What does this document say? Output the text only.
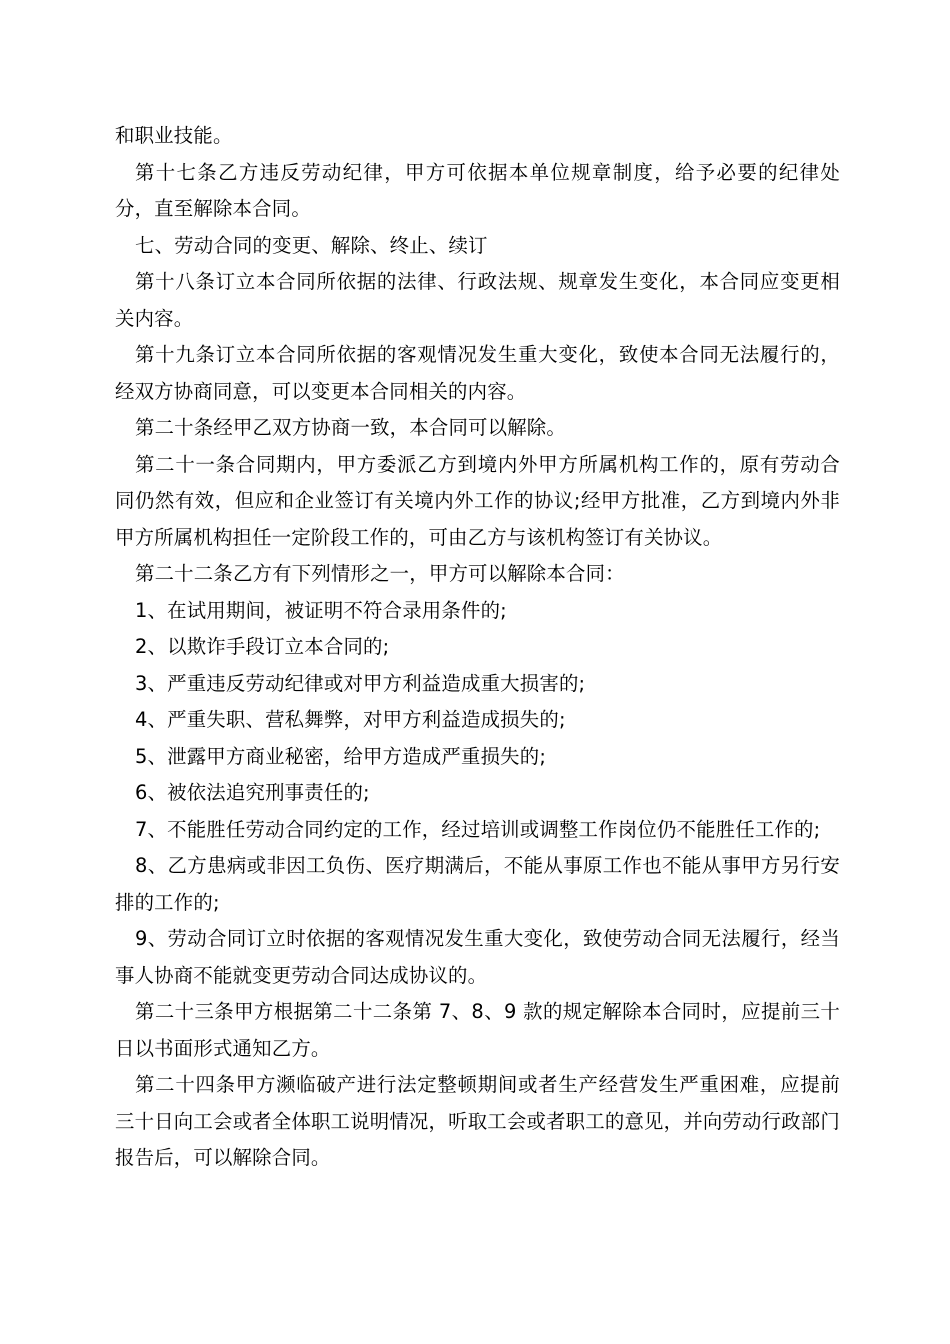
和职业技能。

第十七条乙方违反劳动纪律，甲方可依据本单位规章制度，给予必要的纪律处分，直至解除本合同。

七、劳动合同的变更、解除、终止、续订

第十八条订立本合同所依据的法律、行政法规、规章发生变化，本合同应变更相关内容。

第十九条订立本合同所依据的客观情况发生重大变化，致使本合同无法履行的，经双方协商同意，可以变更本合同相关的内容。

第二十条经甲乙双方协商一致，本合同可以解除。

第二十一条合同期内，甲方委派乙方到境内外甲方所属机构工作的，原有劳动合同仍然有效，但应和企业签订有关境内外工作的协议;经甲方批准，乙方到境内外非甲方所属机构担任一定阶段工作的，可由乙方与该机构签订有关协议。

第二十二条乙方有下列情形之一，甲方可以解除本合同：

1、在试用期间，被证明不符合录用条件的;

2、以欺诈手段订立本合同的;

3、严重违反劳动纪律或对甲方利益造成重大损害的;

4、严重失职、营私舞弊，对甲方利益造成损失的;

5、泄露甲方商业秘密，给甲方造成严重损失的;

6、被依法追究刑事责任的;

7、不能胜任劳动合同约定的工作，经过培训或调整工作岗位仍不能胜任工作的;

8、乙方患病或非因工负伤、医疗期满后，不能从事原工作也不能从事甲方另行安排的工作的;

9、劳动合同订立时依据的客观情况发生重大变化，致使劳动合同无法履行，经当事人协商不能就变更劳动合同达成协议的。

第二十三条甲方根据第二十二条第 7、8、9 款的规定解除本合同时，应提前三十日以书面形式通知乙方。

第二十四条甲方濒临破产进行法定整顿期间或者生产经营发生严重困难，应提前三十日向工会或者全体职工说明情况，听取工会或者职工的意见，并向劳动行政部门报告后，可以解除合同。
